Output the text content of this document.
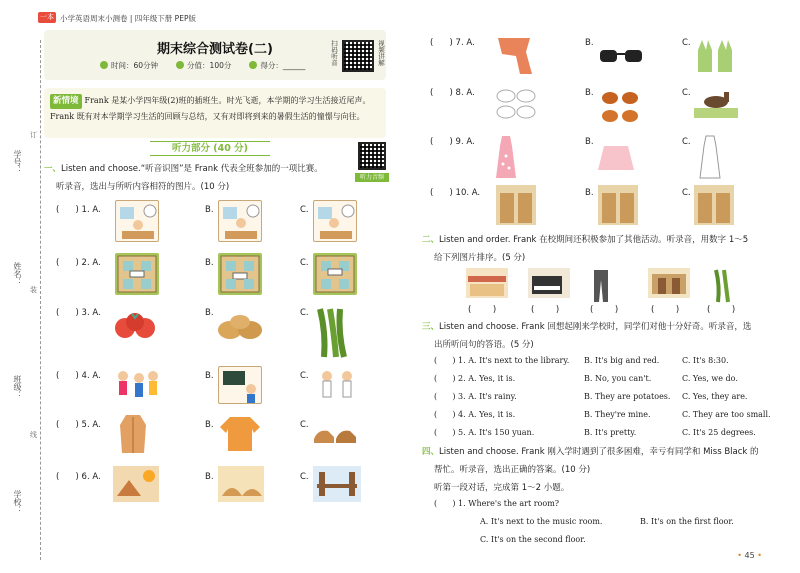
一本 小学英语周末小测卷 | 四年级下册 PEP版
学号：
姓名：
班级：
学校：
订
装
线
期末综合测试卷(二)
时间：60分钟	分值：100分	得分：______	扫码听音	视频讲解
新情境 Frank 是某小学四年级(2)班的插班生。时光飞逝，本学期的学习生活接近尾声。
Frank 既有对本学期学习生活的回顾与总结，又有对即将到来的暑假生活的憧憬与向往。
听力部分 (40 分)
听力音频
一、Listen and choose.“听音识图”是 Frank 代表全班参加的一项比赛。
听录音，选出与所听内容相符的图片。(10 分)
(      ) 1. A.	B.	C.
(      ) 2. A.	B.	C.
(      ) 3. A.	B.	C.
(      ) 4. A.	B.	C.
(      ) 5. A.	B.	C.
(      ) 6. A.	B.	C.
(      ) 7. A.	B.	C.
(      ) 8. A.	B.	C.
(      ) 9. A.	B.	C.
(      ) 10. A.	B.	C.
二、Listen and order. Frank 在校期间还积极参加了其他活动。听录音，用数字 1～5
给下列图片排序。(5 分)
(        )	(        )	(        )	(        )	(        )
三、Listen and choose. Frank 回想起刚来学校时，同学们对他十分好奇。听录音，选
出所听问句的答语。(5 分)
(      ) 1. A. It's next to the library. B. It's big and red.	C. It's 8:30.
(      ) 2. A. Yes, it is.	B. No, you can't.	C. Yes, we do.
(      ) 3. A. It's rainy.	B. They are potatoes. C. Yes, they are.
(      ) 4. A. Yes, it is.	B. They're mine.	C. They are too small.
(      ) 5. A. It's 150 yuan.	B. It's pretty.	C. It's 25 degrees.
四、Listen and choose. Frank 刚入学时遇到了很多困难，幸亏有同学和 Miss Black 的
帮忙。听录音，选出正确的答案。(10 分)
听第一段对话，完成第 1～2 小题。
(      ) 1. Where's the art room?
A. It's next to the music room.	B. It's on the first floor.
C. It's on the second floor.
• 45 •
